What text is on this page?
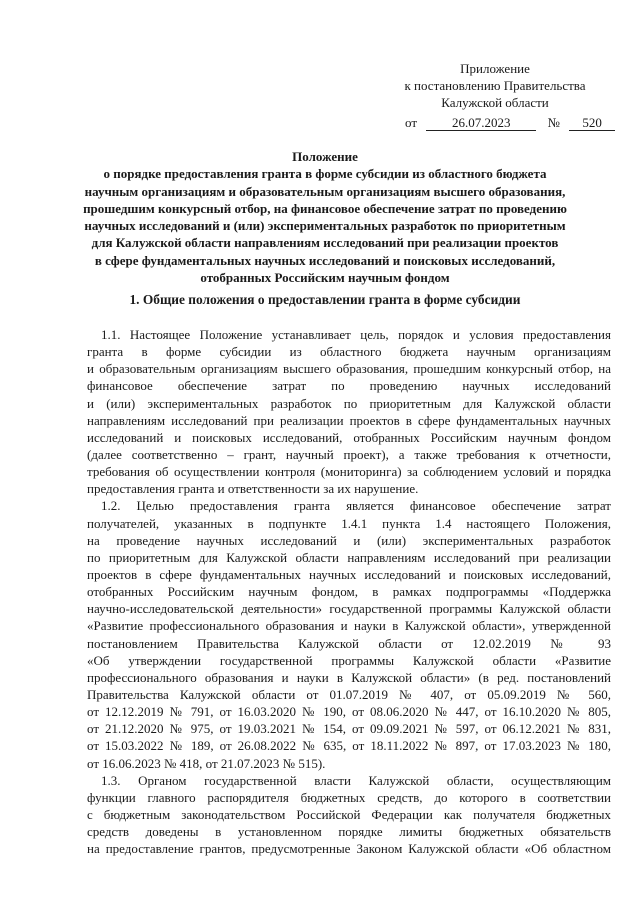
Приложение
к постановлению Правительства
Калужской области
от	26.07.2023	№ 520
Положение
о порядке предоставления гранта в форме субсидии из областного бюджета
научным организациям и образовательным организациям высшего образования,
прошедшим конкурсный отбор, на финансовое обеспечение затрат по проведению
научных исследований и (или) экспериментальных разработок по приоритетным
для Калужской области направлениям исследований при реализации проектов
в сфере фундаментальных научных исследований и поисковых исследований,
отобранных Российским научным фондом
1. Общие положения о предоставлении гранта в форме субсидии
1.1. Настоящее Положение устанавливает цель, порядок и условия предоставления
гранта в форме субсидии из областного бюджета научным организациям
и образовательным организациям высшего образования, прошедшим конкурсный отбор, на
финансовое обеспечение затрат по проведению научных исследований
и (или) экспериментальных разработок по приоритетным для Калужской области
направлениям исследований при реализации проектов в сфере фундаментальных научных
исследований и поисковых исследований, отобранных Российским научным фондом
(далее соответственно – грант, научный проект), а также требования к отчетности,
требования об осуществлении контроля (мониторинга) за соблюдением условий и порядка
предоставления гранта и ответственности за их нарушение.
1.2. Целью предоставления гранта является финансовое обеспечение затрат
получателей, указанных в подпункте 1.4.1 пункта 1.4 настоящего Положения,
на проведение научных исследований и (или) экспериментальных разработок
по приоритетным для Калужской области направлениям исследований при реализации
проектов в сфере фундаментальных научных исследований и поисковых исследований,
отобранных Российским научным фондом, в рамках подпрограммы «Поддержка
научно-исследовательской деятельности» государственной программы Калужской области
«Развитие профессионального образования и науки в Калужской области», утвержденной
постановлением Правительства Калужской области от 12.02.2019 № 93
«Об утверждении государственной программы Калужской области «Развитие
профессионального образования и науки в Калужской области» (в ред. постановлений
Правительства Калужской области от 01.07.2019 № 407, от 05.09.2019 № 560,
от 12.12.2019 № 791, от 16.03.2020 № 190, от 08.06.2020 № 447, от 16.10.2020 № 805,
от 21.12.2020 № 975, от 19.03.2021 № 154, от 09.09.2021 № 597, от 06.12.2021 № 831,
от 15.03.2022 № 189, от 26.08.2022 № 635, от 18.11.2022 № 897, от 17.03.2023 № 180,
от 16.06.2023 № 418, от 21.07.2023 № 515).
1.3. Органом государственной власти Калужской области, осуществляющим
функции главного распорядителя бюджетных средств, до которого в соответствии
с бюджетным законодательством Российской Федерации как получателя бюджетных
средств доведены в установленном порядке лимиты бюджетных обязательств
на предоставление грантов, предусмотренные Законом Калужской области «Об областном
